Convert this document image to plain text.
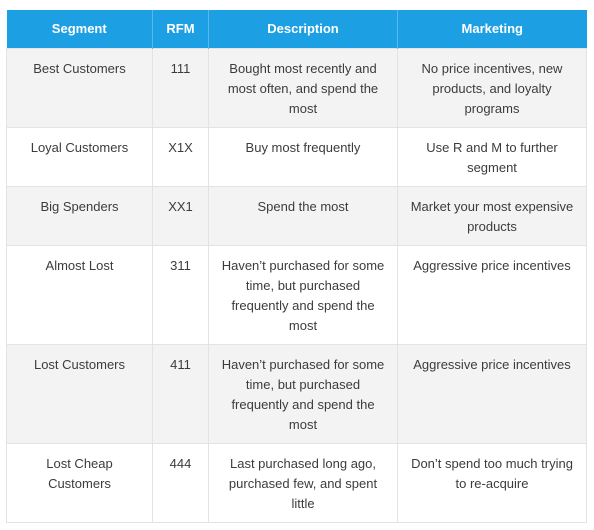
Segment	RFM	Description	Marketing
Best Customers	111	Bought most recently and most often, and spend the most	No price incentives, new products, and loyalty programs
Loyal Customers	X1X	Buy most frequently	Use R and M to further segment
Big Spenders	XX1	Spend the most	Market your most expensive products
Almost Lost	311	Haven’t purchased for some time, but purchased frequently and spend the most	Aggressive price incentives
Lost Customers	411	Haven’t purchased for some time, but purchased frequently and spend the most	Aggressive price incentives
Lost Cheap Customers	444	Last purchased long ago, purchased few, and spent little	Don’t spend too much trying to re-acquire
